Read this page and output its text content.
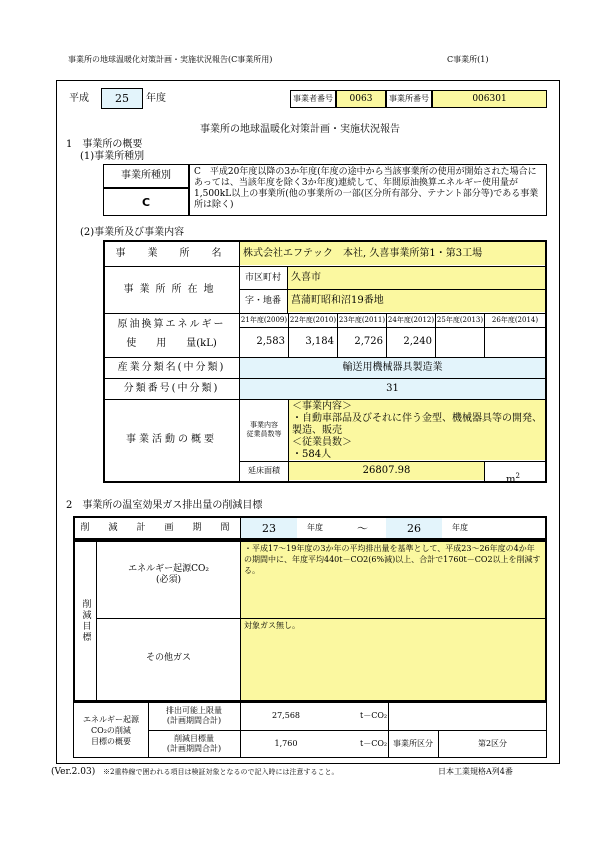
事業所の地球温暖化対策計画・実施状況報告(C事業所用)	C事業所(1)
平成	25	年度	事業者番号	0063	事業所番号	006301
事業所の地球温暖化対策計画・実施状況報告
1　事業所の概要
(1)事業所種別
事業所種別
C
C　平成20年度以降の3か年度(年度の途中から当該事業所の使用が開始された場合にあっては、当該年度を除く3か年度)連続して、年間原油換算エネルギー使用量が1,500kL以上の事業所(他の事業所の一部(区分所有部分、テナント部分等)である事業所は除く)
(2)事業所及び事業内容
事　業　所　名	株式会社エフテック　本社, 久喜事業所第1・第3工場
事業所所在地
市区町村	久喜市
字・地番	菖蒲町昭和沼19番地
原油換算エネルギー
使　　用　　量 (kL)
21年度(2009) 22年度(2010) 23年度(2011) 24年度(2012) 25年度(2013)	26年度(2014)
2,583	3,184	2,726	2,240
産業分類名(中分類)	輸送用機械器具製造業
分類番号(中分類)	31
事業活動の概要
事業内容
従業員数等
＜事業内容＞
・自動車部品及びそれに伴う金型、機械器具等の開発、製造、販売
＜従業員数＞
・584人
延床面積	26807.98
$m^2$
2　事業所の温室効果ガス排出量の削減目標
削　減　計　画　期　間	23	年度	～	26	年度
削減目標
エネルギー起源CO₂
(必須)
・平成17～19年度の3か年の平均排出量を基準として、平成23～26年度の4か年の期間中に、年度平均440t－CO2(6%減)以上、合計で1760t－CO2以上を削減する。
その他ガス
対象ガス無し。
エネルギー起源
CO₂の削減
目標の概要
排出可能上限量
(計画期間合計)
27,568	t－CO₂
削減目標量
(計画期間合計)
1,760	t－CO₂ 事業所区分	第2区分
(Ver.2.03) ※2重枠線で囲われる項目は検証対象となるので記入時には注意すること。	日本工業規格A列4番
